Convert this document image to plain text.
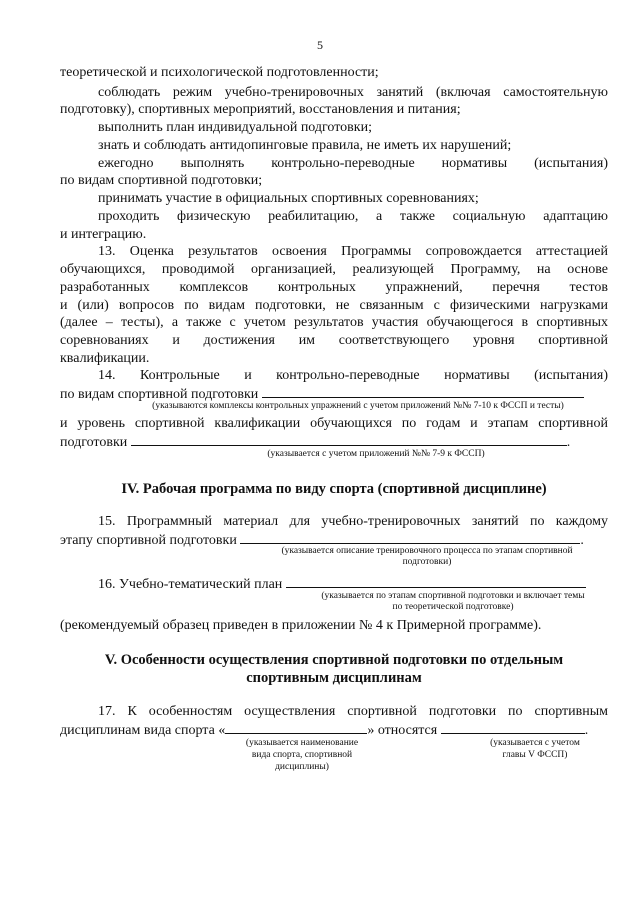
5
теоретической и психологической подготовленности;
соблюдать режим учебно-тренировочных занятий (включая самостоятельную
подготовку), спортивных мероприятий, восстановления и питания;
выполнить план индивидуальной подготовки;
знать и соблюдать антидопинговые правила, не иметь их нарушений;
ежегодно выполнять контрольно-переводные нормативы (испытания)
по видам спортивной подготовки;
принимать участие в официальных спортивных соревнованиях;
проходить физическую реабилитацию, а также социальную адаптацию
и интеграцию.
13. Оценка результатов освоения Программы сопровождается аттестацией
обучающихся, проводимой организацией, реализующей Программу, на основе
разработанных комплексов контрольных упражнений, перечня тестов
и (или) вопросов по видам подготовки, не связанным с физическими нагрузками
(далее – тесты), а также с учетом результатов участия обучающегося в спортивных
соревнованиях и достижения им соответствующего уровня спортивной
квалификации.
14. Контрольные и контрольно-переводные нормативы (испытания)
по видам спортивной подготовки
(указываются комплексы контрольных упражнений с учетом приложений №№ 7-10 к ФССП и тесты)
и уровень спортивной квалификации обучающихся по годам и этапам спортивной
подготовки	.
(указывается с учетом приложений №№ 7-9 к ФССП)
IV. Рабочая программа по виду спорта (спортивной дисциплине)
15. Программный материал для учебно-тренировочных занятий по каждому
этапу спортивной подготовки	.
(указывается описание тренировочного процесса по этапам спортивной
подготовки)
16. Учебно-тематический план
(указывается по этапам спортивной подготовки и включает темы
по теоретической подготовке)
(рекомендуемый образец приведен в приложении № 4 к Примерной программе).
V. Особенности осуществления спортивной подготовки по отдельным
спортивным дисциплинам
17. К особенностям осуществления спортивной подготовки по спортивным
дисциплинам вида спорта «	» относятся	.
(указывается наименование
вида спорта, спортивной
дисциплины)
(указывается с учетом
главы V ФССП)
